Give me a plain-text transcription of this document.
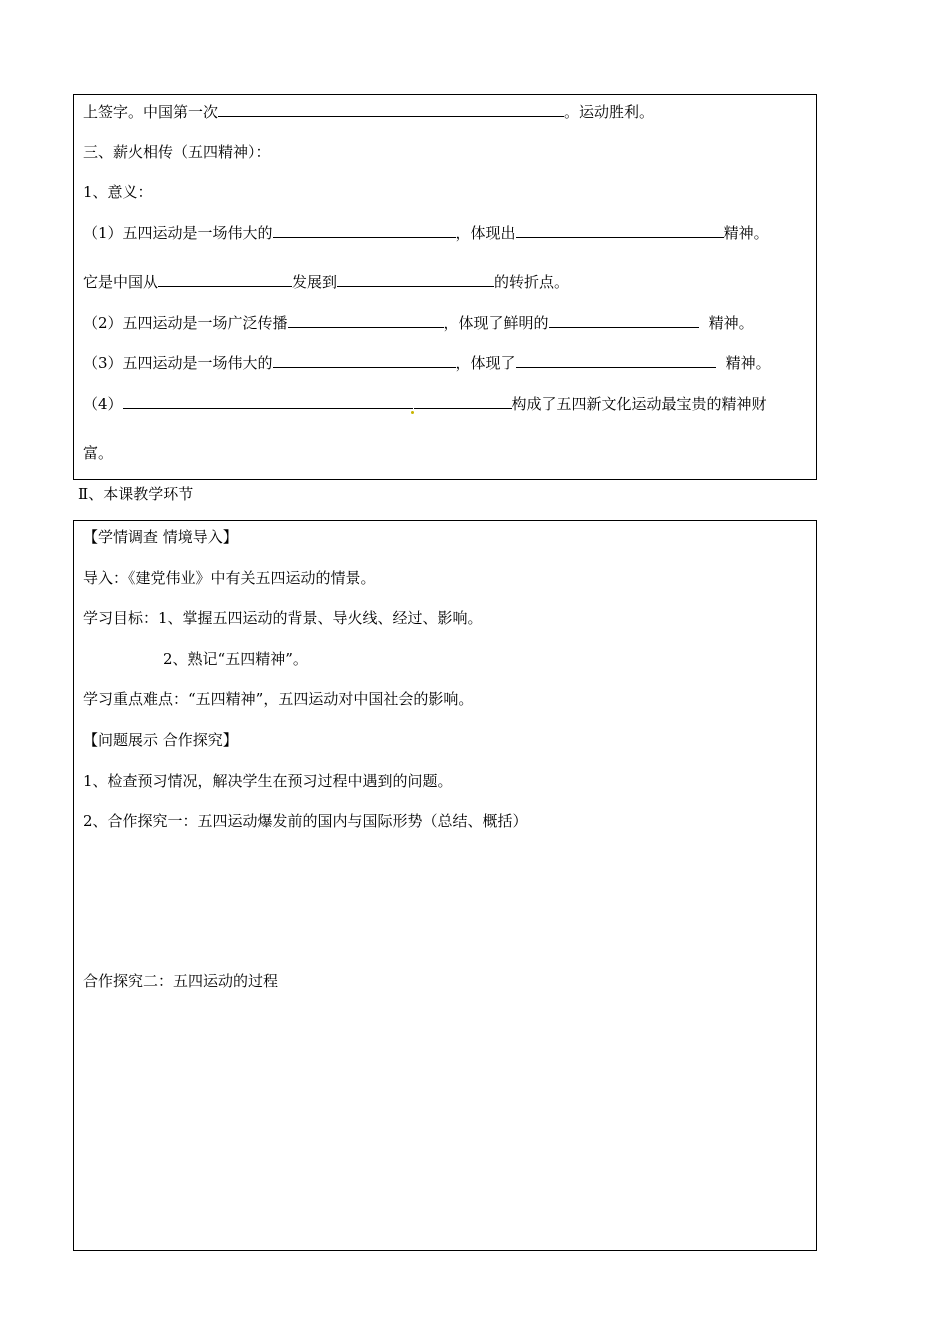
上签字。中国第一次	。运动胜利。
三、薪火相传（五四精神）：
1、意义：
（1）五四运动是一场伟大的	，体现出	精神。
它是中国从	发展到	的转折点。
（2）五四运动是一场广泛传播	，体现了鲜明的	精神。
（3）五四运动是一场伟大的	，体现了	精神。
（4）	构成了五四新文化运动最宝贵的精神财
富。
Ⅱ、本课教学环节
【学情调查 情境导入】
导入：《建党伟业》中有关五四运动的情景。
学习目标：1、掌握五四运动的背景、导火线、经过、影响。
2、熟记“五四精神”。
学习重点难点：“五四精神”，五四运动对中国社会的影响。
【问题展示 合作探究】
1、检查预习情况，解决学生在预习过程中遇到的问题。
2、合作探究一：五四运动爆发前的国内与国际形势（总结、概括）
合作探究二：五四运动的过程
